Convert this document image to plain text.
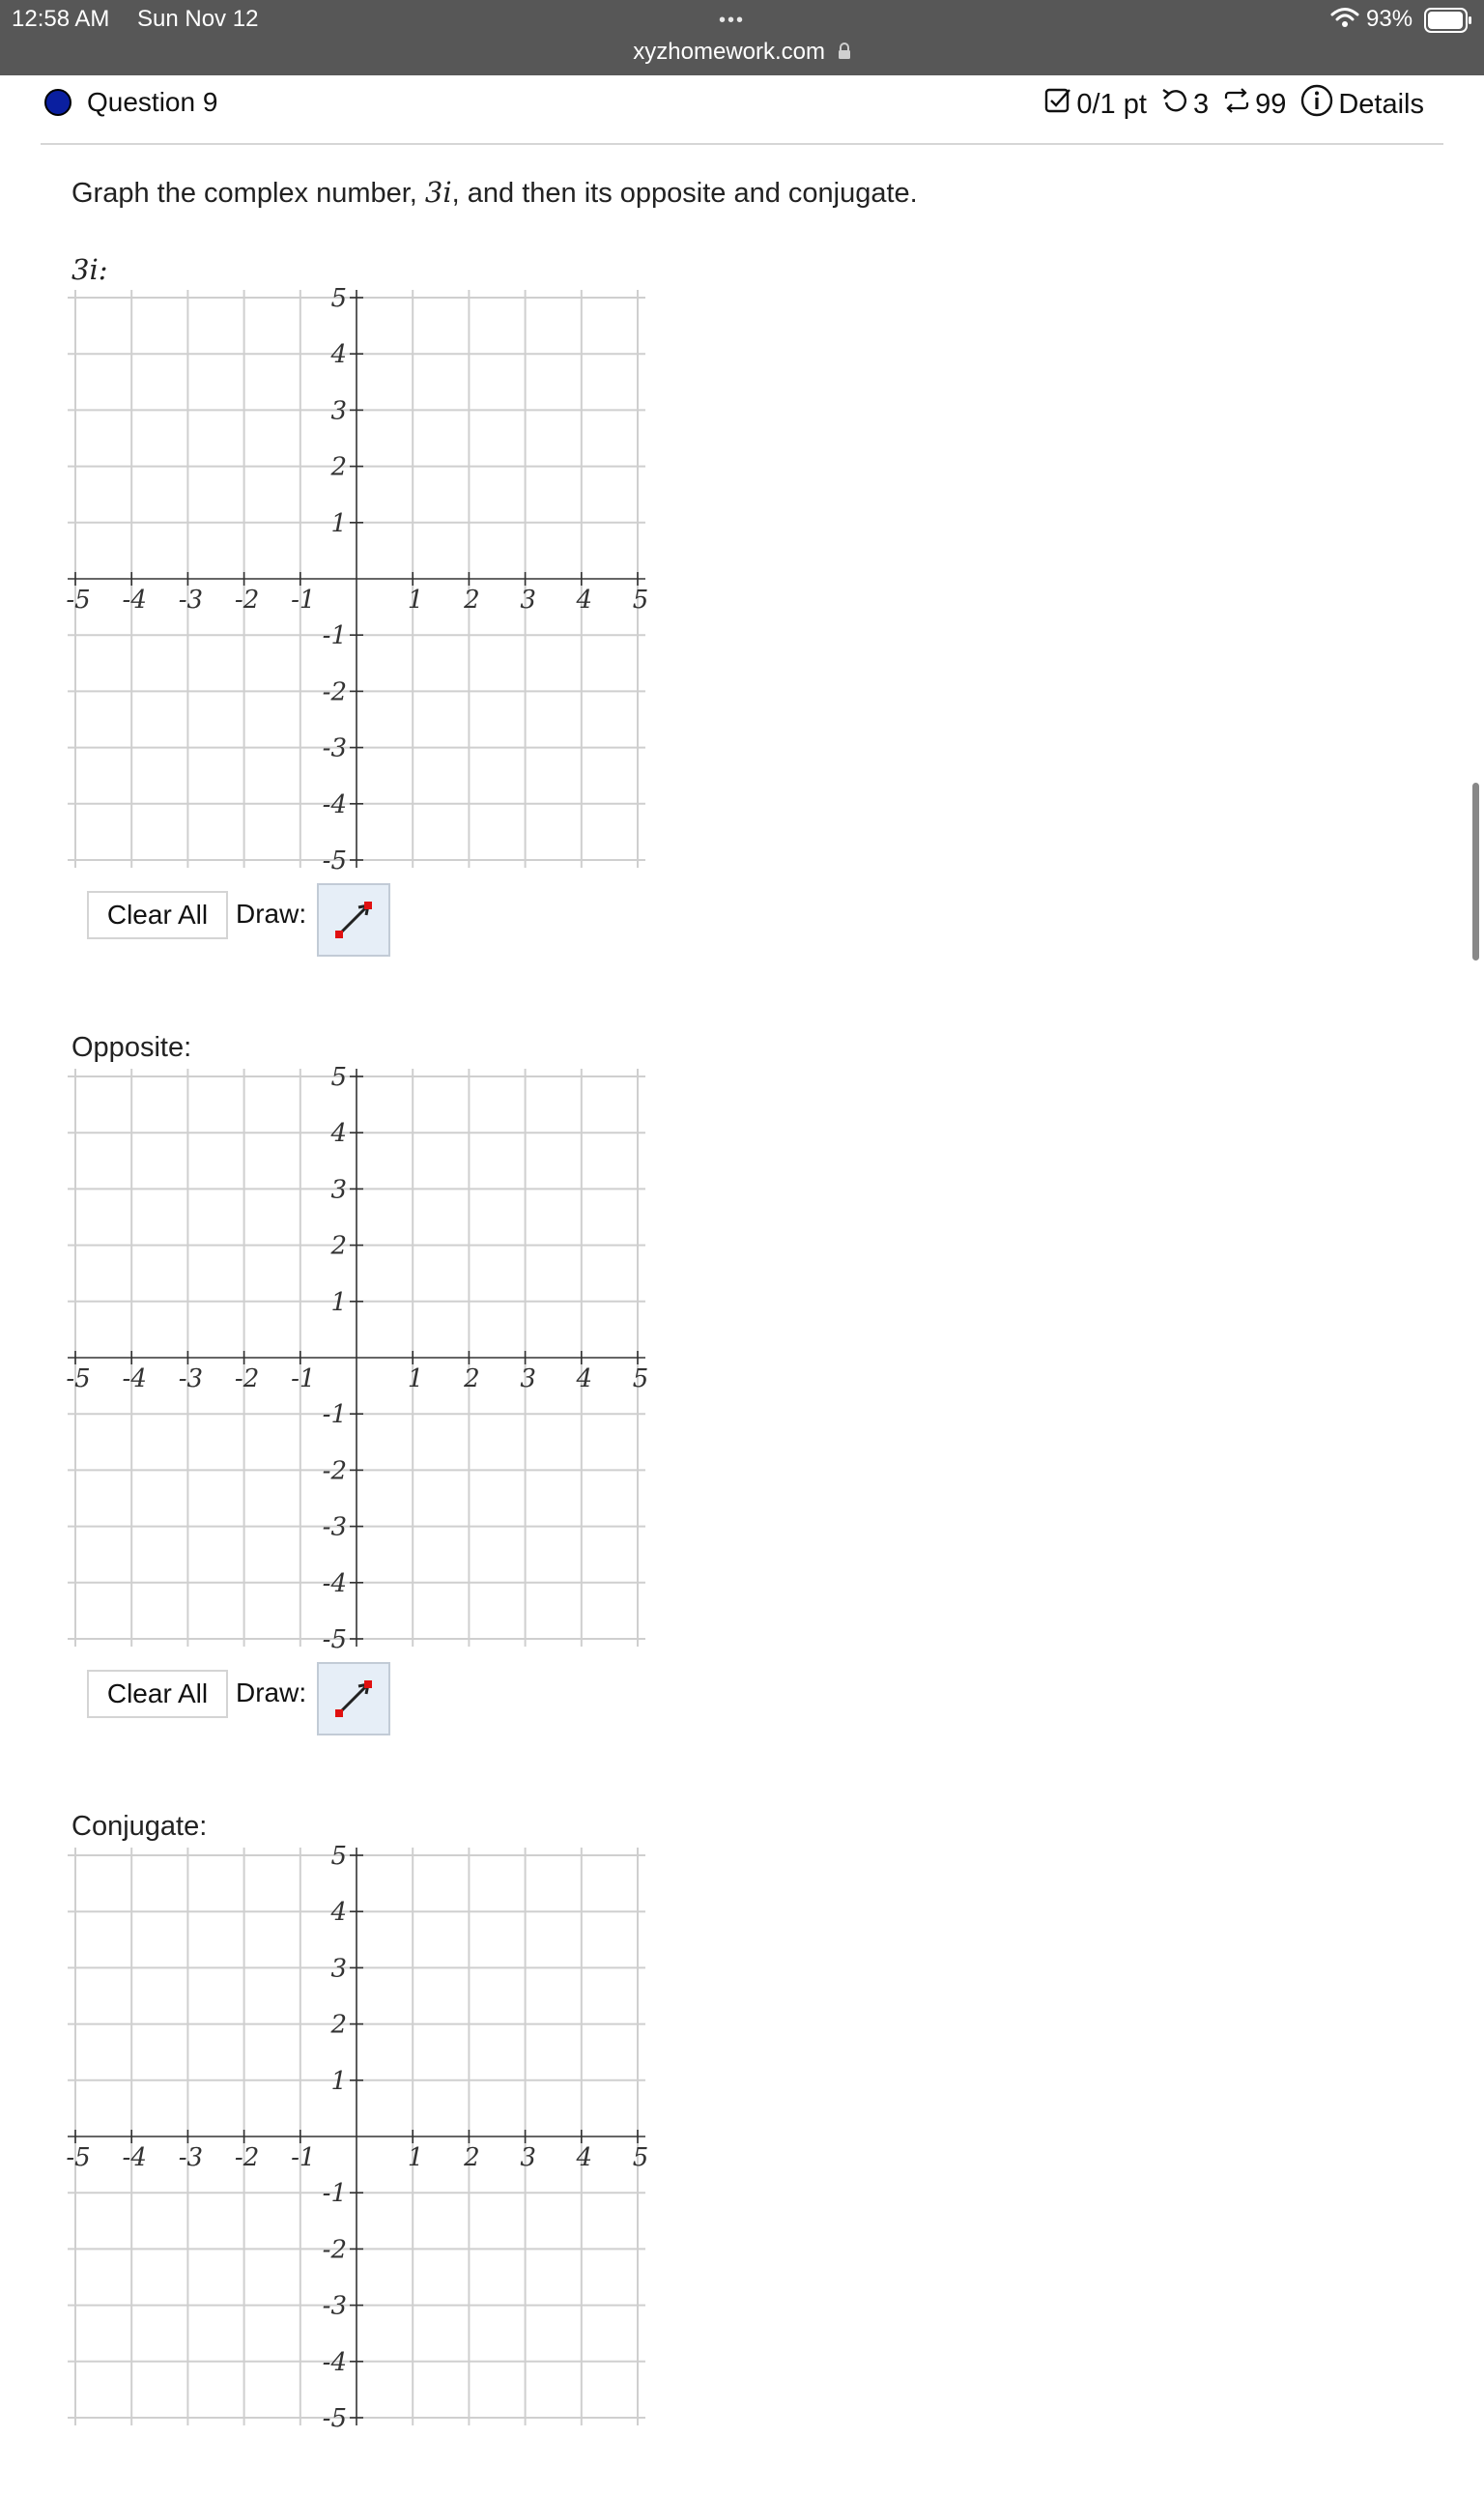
12:58 AM Sun Nov 12	•••
xyzhomework.com
93%
Question 9	0/1 pt 3 99 Details
Graph the complex number, 3i, and then its opposite and conjugate.
3i:
-5 -4 -3 -2 -1	1 2 3 4 5
5
4
3
2
1
-1
-2
-3
-4
-5
Clear All	Draw:
Opposite:
-5 -4 -3 -2 -1	1 2 3 4 5
5
4
3
2
1
-1
-2
-3
-4
-5
Clear All	Draw:
Conjugate:
-5 -4 -3 -2 -1	1 2 3 4 5
5
4
3
2
1
-1
-2
-3
-4
-5
